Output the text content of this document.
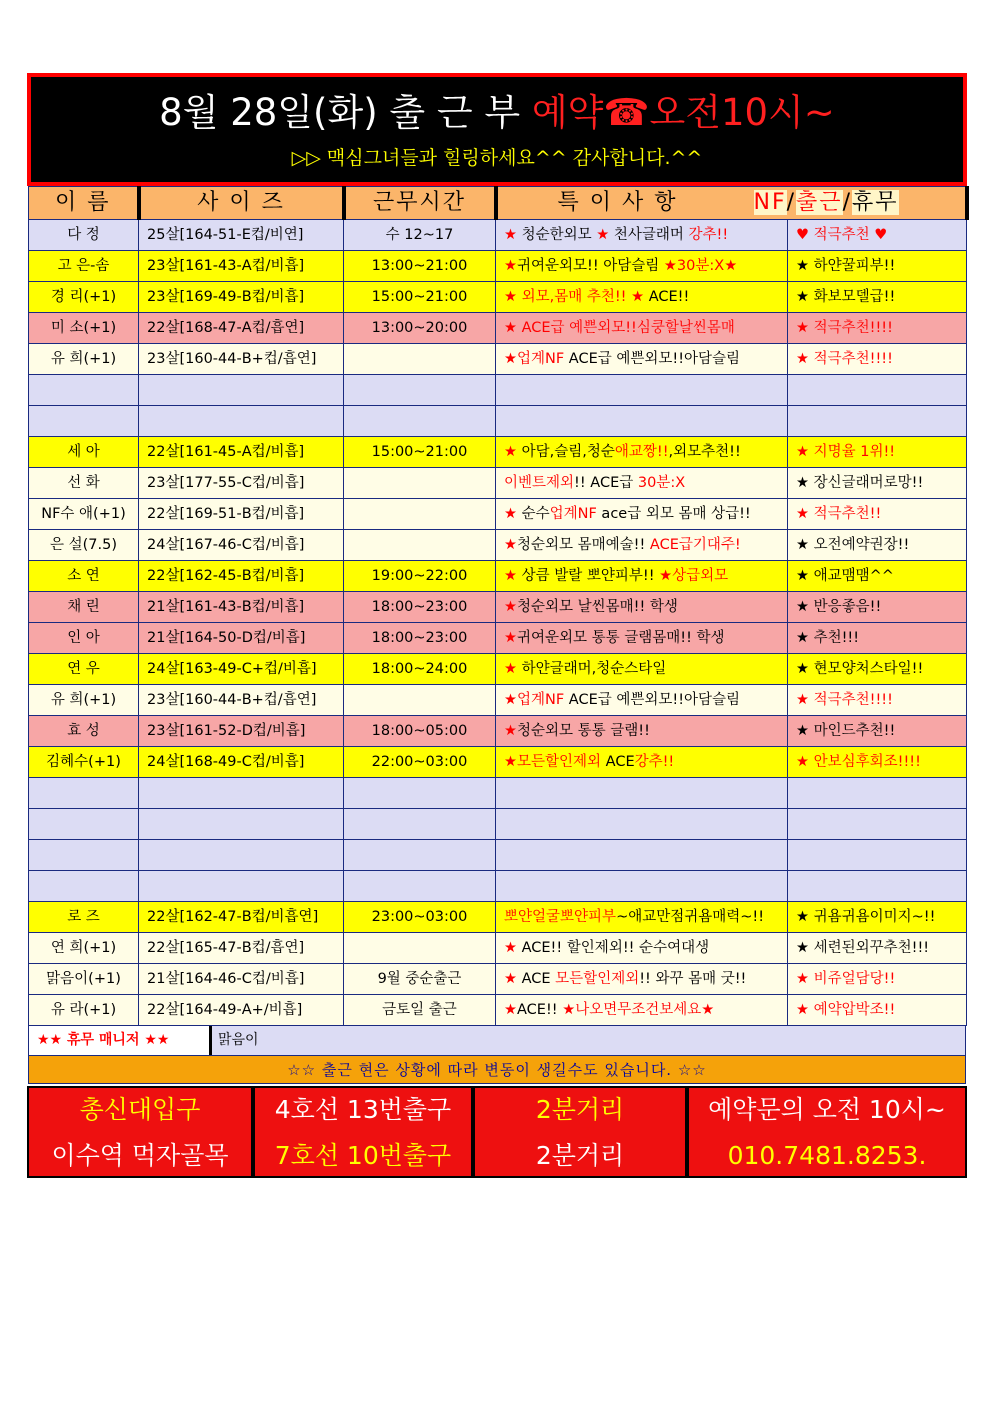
8월 28일(화) 출 근 부 예약☎오전10시~
▷▷ 맥심그녀들과 힐링하세요^^ 감사합니다.^^
이 름	사 이 즈	근무시간	특 이 사 항 NF/출근/휴무	
다 정	25살[164-51-E컵/비연]	수 12~17	★ 청순한외모 ★ 천사글래머 강추!!	♥ 적극추천 ♥
고 은-솜	23살[161-43-A컵/비흡]	13:00~21:00	★귀여운외모!! 아담슬림 ★30분:X★	★ 하얀꿀피부!!
경 리(+1)	23살[169-49-B컵/비흡]	15:00~21:00	★ 외모,몸매 추천!! ★ ACE!!	★ 화보모델급!!
미 소(+1)	22살[168-47-A컵/흡연]	13:00~20:00	★ ACE급 예쁜외모!!심쿵할날씬몸매	★ 적극추천!!!!
유 희(+1)	23살[160-44-B+컵/흡연]		★업계NF ACE급 예쁜외모!!아담슬림	★ 적극추천!!!!

세 아	22살[161-45-A컵/비흡]	15:00~21:00	★ 아담,슬림,청순애교짱!!,외모추천!!	★ 지명율 1위!!
선 화	23살[177-55-C컵/비흡]		이벤트제외!! ACE급 30분:X	★ 장신글래머로망!!
NF수 애(+1)	22살[169-51-B컵/비흡]		★ 순수업계NF ace급 외모 몸매 상급!!	★ 적극추천!!
은 설(7.5)	24살[167-46-C컵/비흡]		★청순외모 몸매예술!! ACE급기대주!	★ 오전예약권장!!
소 연	22살[162-45-B컵/비흡]	19:00~22:00	★ 상큼 발랄 뽀얀피부!! ★상급외모	★ 애교맴맴^^
채 린	21살[161-43-B컵/비흡]	18:00~23:00	★청순외모 날씬몸매!! 학생	★ 반응좋음!!
인 아	21살[164-50-D컵/비흡]	18:00~23:00	★귀여운외모 통통 글램몸매!! 학생	★ 추천!!!
연 우	24살[163-49-C+컵/비흡]	18:00~24:00	★ 하얀글래머,청순스타일	★ 현모양처스타일!!
유 희(+1)	23살[160-44-B+컵/흡연]		★업계NF ACE급 예쁜외모!!아담슬림	★ 적극추천!!!!
효 성	23살[161-52-D컵/비흡]	18:00~05:00	★청순외모 통통 글램!!	★ 마인드추천!!
김혜수(+1)	24살[168-49-C컵/비흡]	22:00~03:00	★모든할인제외 ACE강추!!	★ 안보심후회조!!!!

로 즈	22살[162-47-B컵/비흡연]	23:00~03:00	뽀얀얼굴뽀얀피부~애교만점귀욤매력~!!	★ 귀욤귀욤이미지~!!
연 희(+1)	22살[165-47-B컵/흡연]		★ ACE!! 할인제외!! 순수여대생	★ 세련된외꾸추천!!!
맑음이(+1)	21살[164-46-C컵/비흡]	9월 중순출근	★ ACE 모든할인제외!! 와꾸 몸매 굿!!	★ 비쥬얼담당!!
유 라(+1)	22살[164-49-A+/비흡]	금토일 출근	★ACE!! ★나오면무조건보세요★	★ 예약압박조!!
★★ 휴무 매니저 ★★	맑음이
☆☆ 출근 현은 상황에 따라 변동이 생길수도 있습니다. ☆☆
총신대입구
이수역 먹자골목
4호선 13번출구
7호선 10번출구
2분거리
2분거리
예약문의 오전 10시~
010.7481.8253.
